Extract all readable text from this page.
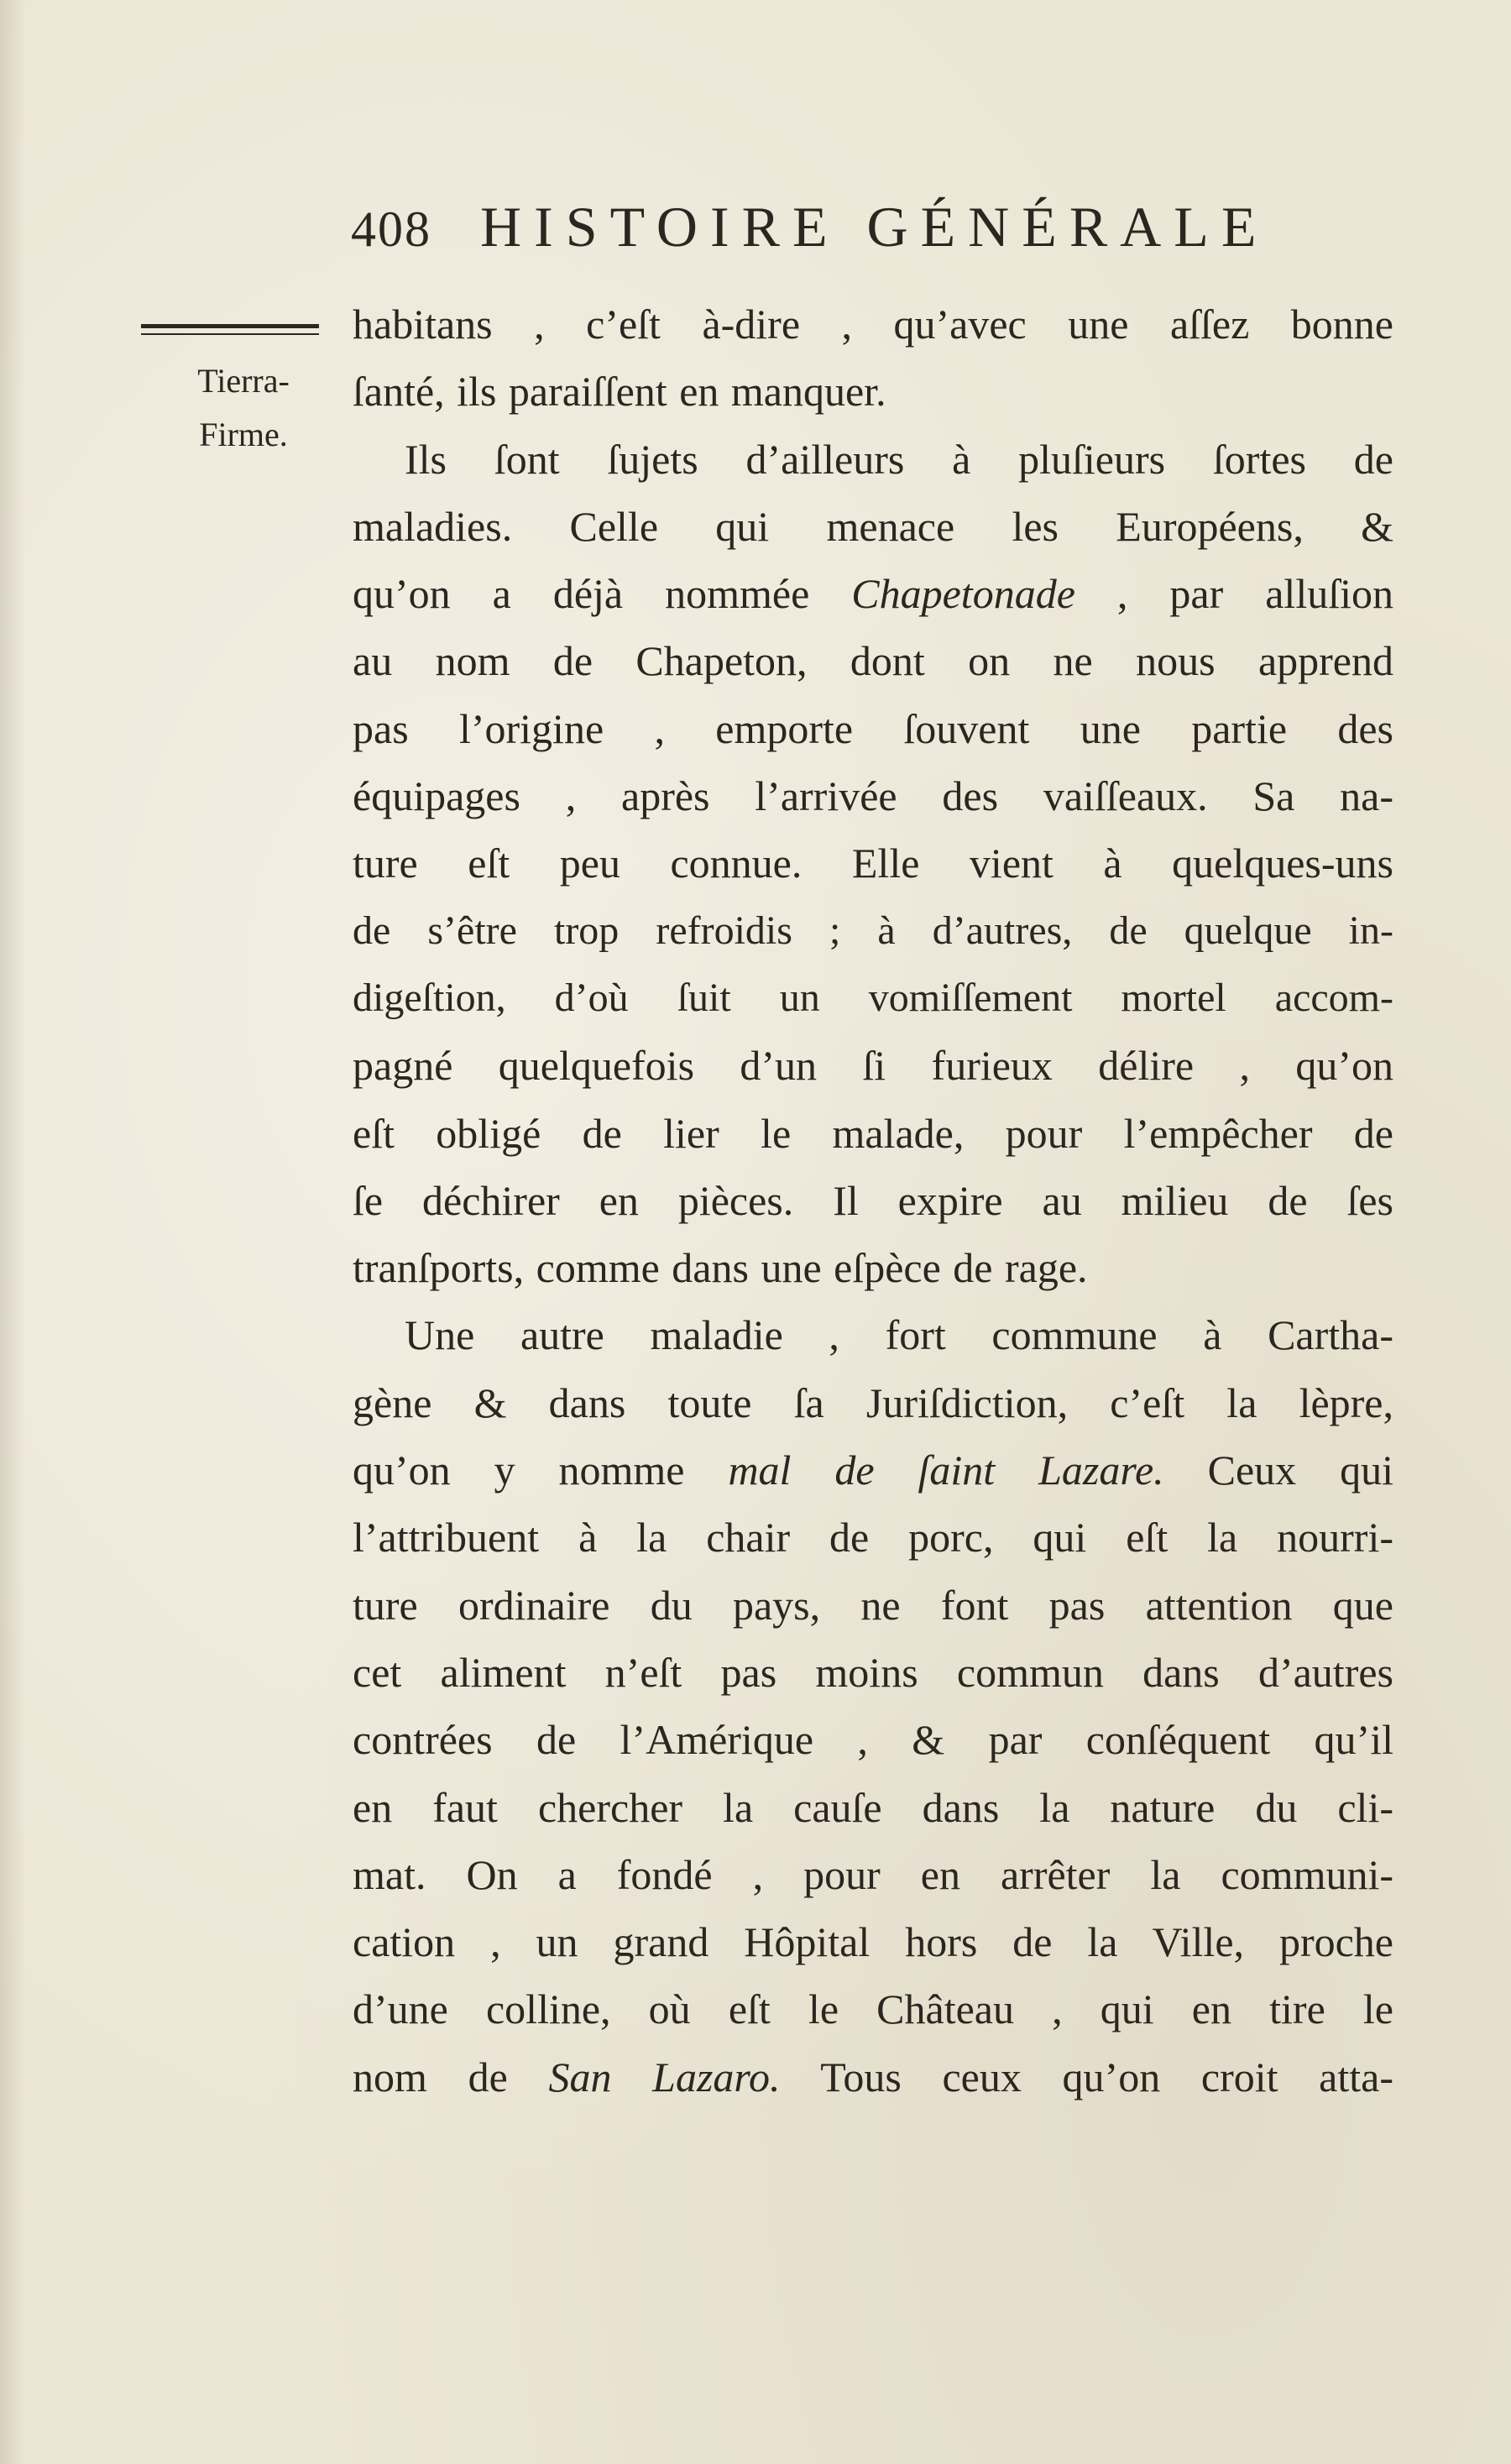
408 HISTOIRE GÉNÉRALE
Tierra-
Firme.
habitans , c’eſt à-dire , qu’avec une aſſez bonne
ſanté, ils paraiſſent en manquer.
Ils ſont ſujets d’ailleurs à pluſieurs ſortes de
maladies. Celle qui menace les Européens, &
qu’on a déjà nommée Chapetonade , par alluſion
au nom de Chapeton, dont on ne nous apprend
pas l’origine , emporte ſouvent une partie des
équipages , après l’arrivée des vaiſſeaux. Sa na-
ture eſt peu connue. Elle vient à quelques-uns
de s’être trop refroidis ; à d’autres, de quelque in-
digeſtion, d’où ſuit un vomiſſement mortel accom-
pagné quelquefois d’un ſi furieux délire , qu’on
eſt obligé de lier le malade, pour l’empêcher de
ſe déchirer en pièces. Il expire au milieu de ſes
tranſports, comme dans une eſpèce de rage.
Une autre maladie , fort commune à Cartha-
gène & dans toute ſa Juriſdiction, c’eſt la lèpre,
qu’on y nomme mal de ſaint Lazare. Ceux qui
l’attribuent à la chair de porc, qui eſt la nourri-
ture ordinaire du pays, ne font pas attention que
cet aliment n’eſt pas moins commun dans d’autres
contrées de l’Amérique , & par conſéquent qu’il
en faut chercher la cauſe dans la nature du cli-
mat. On a fondé , pour en arrêter la communi-
cation , un grand Hôpital hors de la Ville, proche
d’une colline, où eſt le Château , qui en tire le
nom de San Lazaro. Tous ceux qu’on croit atta-
